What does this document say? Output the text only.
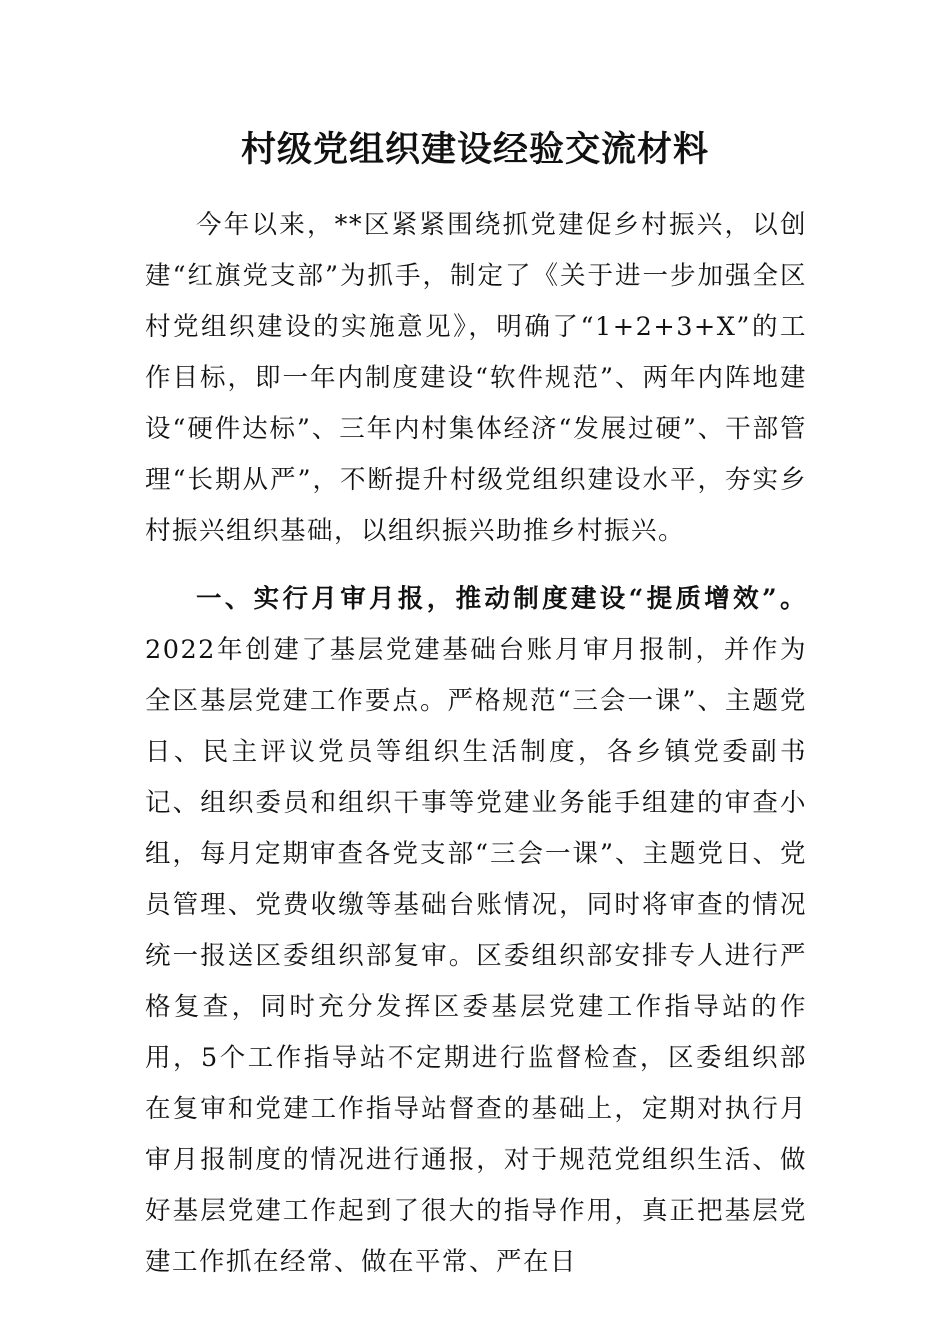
村级党组织建设经验交流材料

今年以来，**区紧紧围绕抓党建促乡村振兴，以创建“红旗党支部”为抓手，制定了《关于进一步加强全区村党组织建设的实施意见》，明确了“1+2+3+X”的工作目标，即一年内制度建设“软件规范”、两年内阵地建设“硬件达标”、三年内村集体经济“发展过硬”、干部管理“长期从严”，不断提升村级党组织建设水平，夯实乡村振兴组织基础，以组织振兴助推乡村振兴。

一、实行月审月报，推动制度建设“提质增效”。2022年创建了基层党建基础台账月审月报制，并作为全区基层党建工作要点。严格规范“三会一课”、主题党日、民主评议党员等组织生活制度，各乡镇党委副书记、组织委员和组织干事等党建业务能手组建的审查小组，每月定期审查各党支部“三会一课”、主题党日、党员管理、党费收缴等基础台账情况，同时将审查的情况统一报送区委组织部复审。区委组织部安排专人进行严格复查，同时充分发挥区委基层党建工作指导站的作用，5个工作指导站不定期进行监督检查，区委组织部在复审和党建工作指导站督查的基础上，定期对执行月审月报制度的情况进行通报，对于规范党组织生活、做好基层党建工作起到了很大的指导作用，真正把基层党建工作抓在经常、做在平常、严在日
